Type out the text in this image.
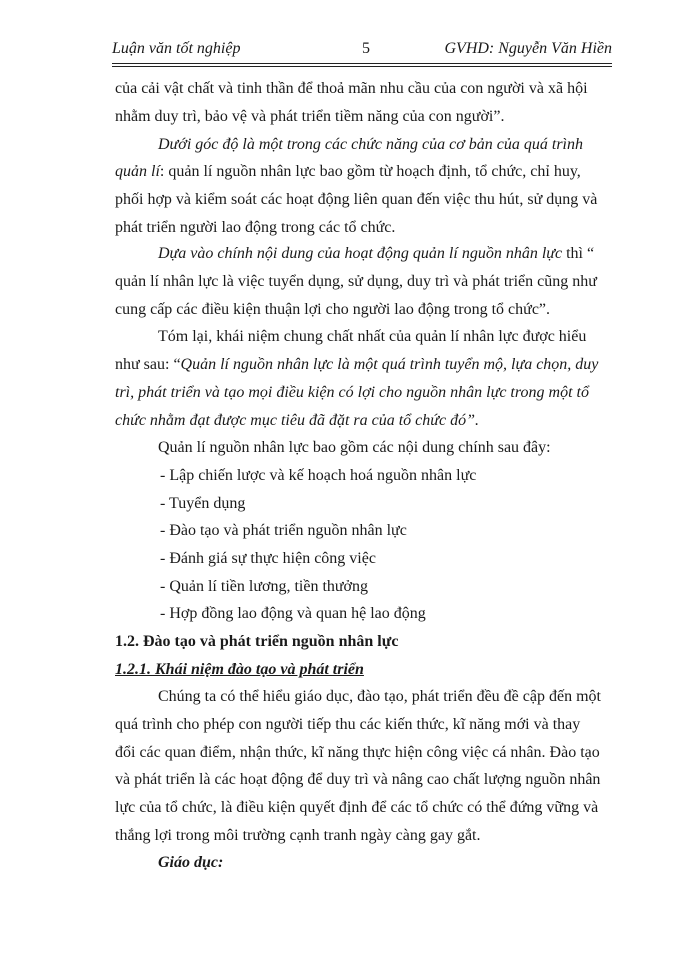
Luận văn tốt nghiệp	5	GVHD: Nguyễn Văn Hiền
của cải vật chất và tinh thần để thoả mãn nhu cầu của con người và xã hội
nhằm duy trì, bảo vệ và phát triển tiềm năng của con người”.
Dưới góc độ là một trong các chức năng của cơ bản của quá trình
quản lí: quản lí nguồn nhân lực bao gồm từ hoạch định, tổ chức, chỉ huy,
phối hợp và kiểm soát các hoạt động liên quan đến việc thu hút, sử dụng và
phát triển người lao động trong các tổ chức.
Dựa vào chính nội dung của hoạt động quản lí nguồn nhân lực thì “
quản lí nhân lực là việc tuyển dụng, sử dụng, duy trì và phát triển cũng như
cung cấp các điều kiện thuận lợi cho người lao động trong tổ chức”.
Tóm lại, khái niệm chung chất nhất của quản lí nhân lực được hiểu
như sau: “Quản lí nguồn nhân lực là một quá trình tuyển mộ, lựa chọn, duy
trì, phát triển và tạo mọi điều kiện có lợi cho nguồn nhân lực trong một tổ
chức nhằm đạt được mục tiêu đã đặt ra của tổ chức đó”.
Quản lí nguồn nhân lực bao gồm các nội dung chính sau đây:
- Lập chiến lược và kế hoạch hoá nguồn nhân lực
- Tuyển dụng
- Đào tạo và phát triển nguồn nhân lực
- Đánh giá sự thực hiện công việc
- Quản lí tiền lương, tiền thưởng
- Hợp đồng lao động và quan hệ lao động
1.2. Đào tạo và phát triển nguồn nhân lực
1.2.1. Khái niệm đào tạo và phát triển
Chúng ta có thể hiểu giáo dục, đào tạo, phát triển đều đề cập đến một
quá trình cho phép con người tiếp thu các kiến thức, kĩ năng mới và thay
đổi các quan điểm, nhận thức, kĩ năng thực hiện công việc cá nhân. Đào tạo
và phát triển là các hoạt động để duy trì và nâng cao chất lượng nguồn nhân
lực của tổ chức, là điều kiện quyết định để các tổ chức có thể đứng vững và
thắng lợi trong môi trường cạnh tranh ngày càng gay gắt.
Giáo dục:
